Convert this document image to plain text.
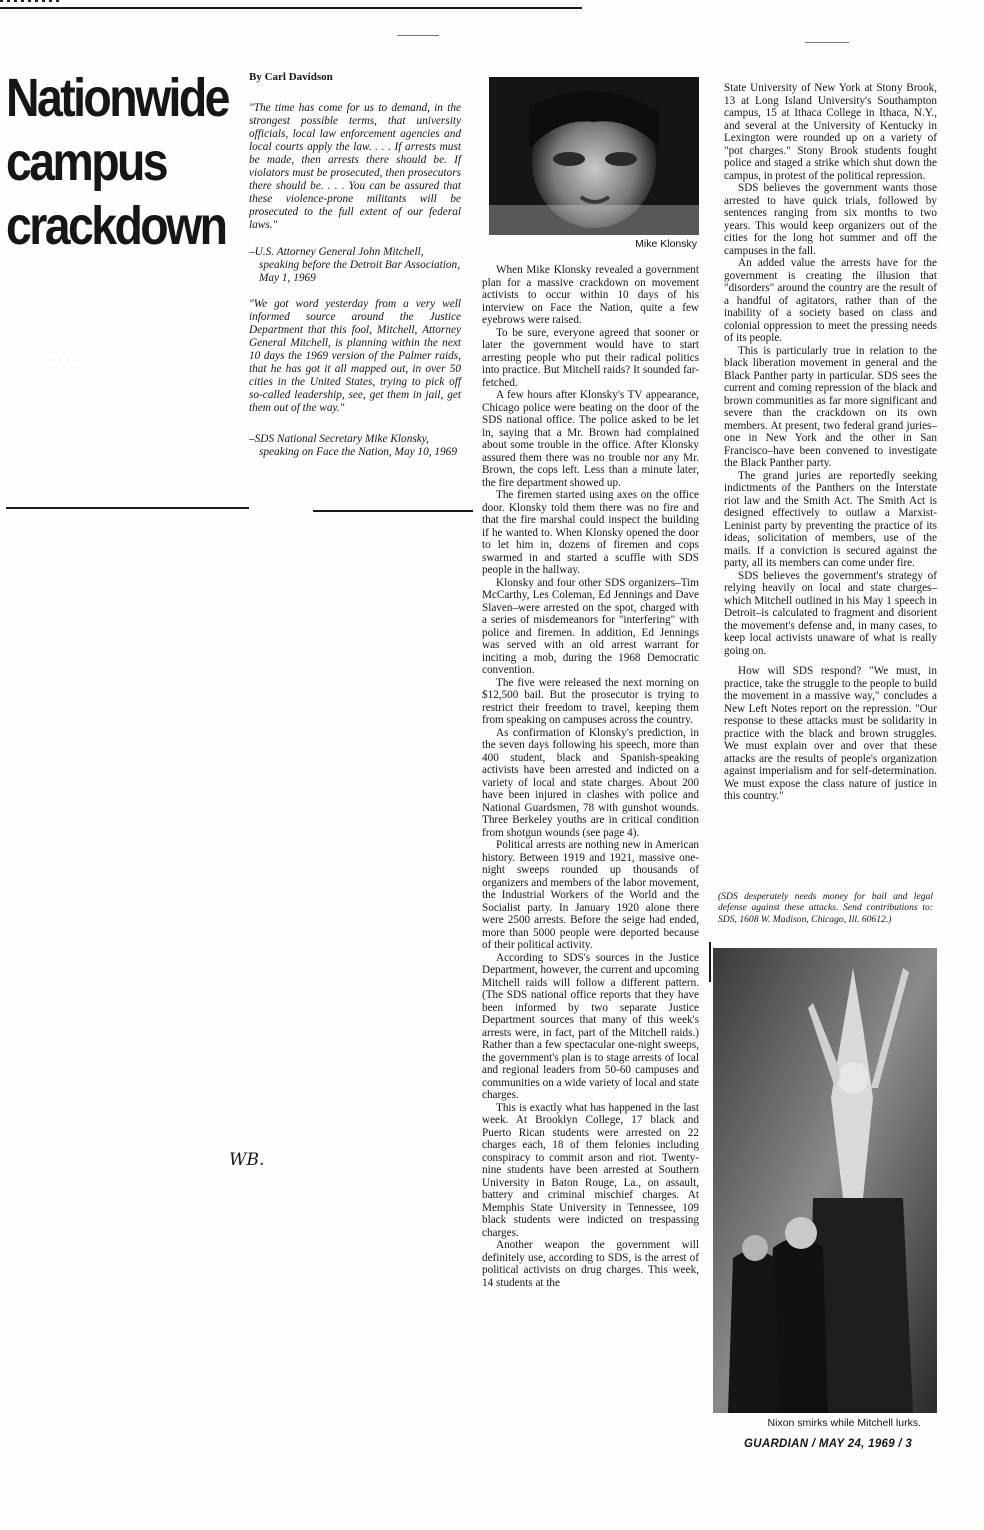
Nationwide
campus
crackdown
· · · · · ·
By Carl Davidson

"The time has come for us to demand, in the strongest possible terms, that university officials, local law enforcement agencies and local courts apply the law. . . . If arrests must be made, then arrests there should be. If violators must be prosecuted, then prosecutors there should be. . . . You can be assured that these violence-prone militants will be prosecuted to the full extent of our federal laws."

–U.S. Attorney General John Mitchell, speaking before the Detroit Bar Association, May 1, 1969

"We got word yesterday from a very well informed source around the Justice Department that this fool, Mitchell, Attorney General Mitchell, is planning within the next 10 days the 1969 version of the Palmer raids, that he has got it all mapped out, in over 50 cities in the United States, trying to pick off so-called leadership, see, get them in jail, get them out of the way."

–SDS National Secretary Mike Klonsky, speaking on Face the Nation, May 10, 1969

Mike Klonsky

When Mike Klonsky revealed a government plan for a massive crackdown on movement activists to occur within 10 days of his interview on Face the Nation, quite a few eyebrows were raised.

To be sure, everyone agreed that sooner or later the government would have to start arresting people who put their radical politics into practice. But Mitchell raids? It sounded far-fetched.

A few hours after Klonsky's TV appearance, Chicago police were beating on the door of the SDS national office. The police asked to be let in, saying that a Mr. Brown had complained about some trouble in the office. After Klonsky assured them there was no trouble nor any Mr. Brown, the cops left. Less than a minute later, the fire department showed up.

The firemen started using axes on the office door. Klonsky told them there was no fire and that the fire marshal could inspect the building if he wanted to. When Klonsky opened the door to let him in, dozens of firemen and cops swarmed in and started a scuffle with SDS people in the hallway.

Klonsky and four other SDS organizers–Tim McCarthy, Les Coleman, Ed Jennings and Dave Slaven–were arrested on the spot, charged with a series of misdemeanors for "interfering" with police and firemen. In addition, Ed Jennings was served with an old arrest warrant for inciting a mob, during the 1968 Democratic convention.

The five were released the next morning on $12,500 bail. But the prosecutor is trying to restrict their freedom to travel, keeping them from speaking on campuses across the country.

As confirmation of Klonsky's prediction, in the seven days following his speech, more than 400 student, black and Spanish-speaking activists have been arrested and indicted on a variety of local and state charges. About 200 have been injured in clashes with police and National Guardsmen, 78 with gunshot wounds. Three Berkeley youths are in critical condition from shotgun wounds (see page 4).

Political arrests are nothing new in American history. Between 1919 and 1921, massive one-night sweeps rounded up thousands of organizers and members of the labor movement, the Industrial Workers of the World and the Socialist party. In January 1920 alone there were 2500 arrests. Before the seige had ended, more than 5000 people were deported because of their political activity.

According to SDS's sources in the Justice Department, however, the current and upcoming Mitchell raids will follow a different pattern. (The SDS national office reports that they have been informed by two separate Justice Department sources that many of this week's arrests were, in fact, part of the Mitchell raids.) Rather than a few spectacular one-night sweeps, the government's plan is to stage arrests of local and regional leaders from 50-60 campuses and communities on a wide variety of local and state charges.

This is exactly what has happened in the last week. At Brooklyn College, 17 black and Puerto Rican students were arrested on 22 charges each, 18 of them felonies including conspiracy to commit arson and riot. Twenty-nine students have been arrested at Southern University in Baton Rouge, La., on assault, battery and criminal mischief charges. At Memphis State University in Tennessee, 109 black students were indicted on trespassing charges.

Another weapon the government will definitely use, according to SDS, is the arrest of political activists on drug charges. This week, 14 students at the

State University of New York at Stony Brook, 13 at Long Island University's Southampton campus, 15 at Ithaca College in Ithaca, N.Y., and several at the University of Kentucky in Lexington were rounded up on a variety of "pot charges." Stony Brook students fought police and staged a strike which shut down the campus, in protest of the political repression.

SDS believes the government wants those arrested to have quick trials, followed by sentences ranging from six months to two years. This would keep organizers out of the cities for the long hot summer and off the campuses in the fall.

An added value the arrests have for the government is creating the illusion that "disorders" around the country are the result of a handful of agitators, rather than of the inability of a society based on class and colonial oppression to meet the pressing needs of its people.

This is particularly true in relation to the black liberation movement in general and the Black Panther party in particular. SDS sees the current and coming repression of the black and brown communities as far more significant and severe than the crackdown on its own members. At present, two federal grand juries–one in New York and the other in San Francisco–have been convened to investigate the Black Panther party.

The grand juries are reportedly seeking indictments of the Panthers on the Interstate riot law and the Smith Act. The Smith Act is designed effectively to outlaw a Marxist-Leninist party by preventing the practice of its ideas, solicitation of members, use of the mails. If a conviction is secured against the party, all its members can come under fire.

SDS believes the government's strategy of relying heavily on local and state charges–which Mitchell outlined in his May 1 speech in Detroit–is calculated to fragment and disorient the movement's defense and, in many cases, to keep local activists unaware of what is really going on.

How will SDS respond? "We must, in practice, take the struggle to the people to build the movement in a massive way," concludes a New Left Notes report on the repression. "Our response to these attacks must be solidarity in practice with the black and brown struggles. We must explain over and over that these attacks are the results of people's organization against imperialism and for self-determination. We must expose the class nature of justice in this country."

(SDS desperately needs money for bail and legal defense against these attacks. Send contributions to: SDS, 1608 W. Madison, Chicago, Ill. 60612.)

Nixon smirks while Mitchell lurks.
GUARDIAN / MAY 24, 1969 / 3
WB.
